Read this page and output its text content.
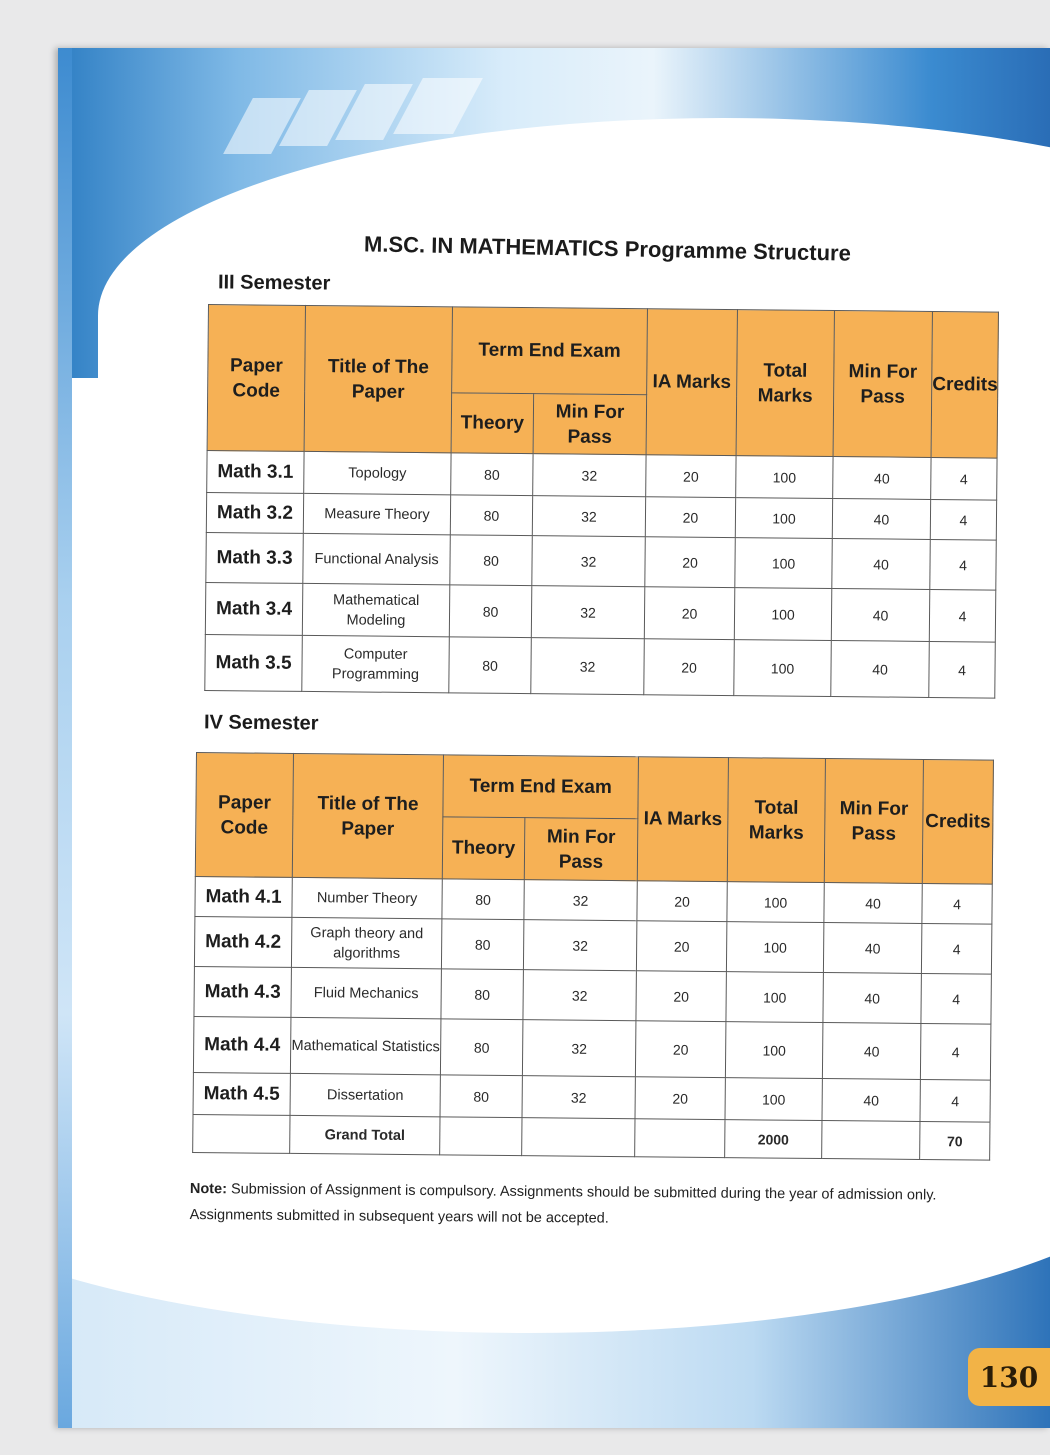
M.SC. IN MATHEMATICS Programme Structure
III Semester
Paper Code	Title of The Paper	Term End Exam		IA Marks	Total Marks	Min For Pass	Credits
		Theory	Min For Pass				
Math 3.1	Topology	80	32	20	100	40	4
Math 3.2	Measure Theory	80	32	20	100	40	4
Math 3.3	Functional Analysis	80	32	20	100	40	4
Math 3.4	Mathematical Modeling	80	32	20	100	40	4
Math 3.5	Computer Programming	80	32	20	100	40	4
IV Semester
Paper Code	Title of The Paper	Term End Exam		IA Marks	Total Marks	Min For Pass	Credits
		Theory	Min For Pass				
Math 4.1	Number Theory	80	32	20	100	40	4
Math 4.2	Graph theory and algorithms	80	32	20	100	40	4
Math 4.3	Fluid Mechanics	80	32	20	100	40	4
Math 4.4	Mathematical Statistics	80	32	20	100	40	4
Math 4.5	Dissertation	80	32	20	100	40	4
	Grand Total				2000		70
Note: Submission of Assignment is compulsory. Assignments should be submitted during the year of admission only. Assignments submitted in subsequent years will not be accepted.
130
